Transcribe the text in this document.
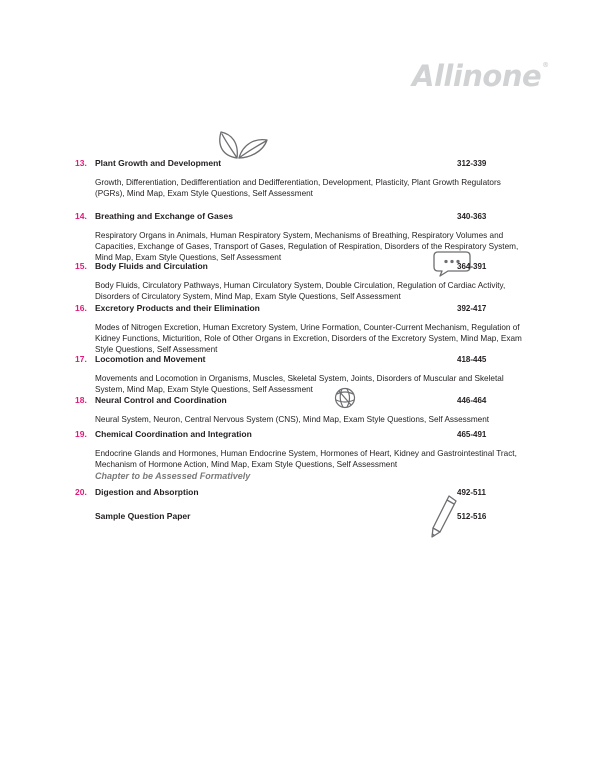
Allinone®
13. Plant Growth and Development	312-339
Growth, Differentiation, Dedifferentiation and Dedifferentiation, Development, Plasticity, Plant Growth Regulators (PGRs), Mind Map, Exam Style Questions, Self Assessment
14. Breathing and Exchange of Gases	340-363
Respiratory Organs in Animals, Human Respiratory System, Mechanisms of Breathing, Respiratory Volumes and Capacities, Exchange of Gases, Transport of Gases, Regulation of Respiration, Disorders of the Respiratory System, Mind Map, Exam Style Questions, Self Assessment
15. Body Fluids and Circulation	364-391
Body Fluids, Circulatory Pathways, Human Circulatory System, Double Circulation, Regulation of Cardiac Activity, Disorders of Circulatory System, Mind Map, Exam Style Questions, Self Assessment
16. Excretory Products and their Elimination	392-417
Modes of Nitrogen Excretion, Human Excretory System, Urine Formation, Counter-Current Mechanism, Regulation of Kidney Functions, Micturition, Role of Other Organs in Excretion, Disorders of the Excretory System, Mind Map, Exam Style Questions, Self Assessment
17. Locomotion and Movement	418-445
Movements and Locomotion in Organisms, Muscles, Skeletal System, Joints, Disorders of Muscular and Skeletal System, Mind Map, Exam Style Questions, Self Assessment
18. Neural Control and Coordination	446-464
Neural System, Neuron, Central Nervous System (CNS), Mind Map, Exam Style Questions, Self Assessment
19. Chemical Coordination and Integration	465-491
Endocrine Glands and Hormones, Human Endocrine System, Hormones of Heart, Kidney and Gastrointestinal Tract, Mechanism of Hormone Action, Mind Map, Exam Style Questions, Self Assessment
Chapter to be Assessed Formatively
20. Digestion and Absorption	492-511
Sample Question Paper	512-516
